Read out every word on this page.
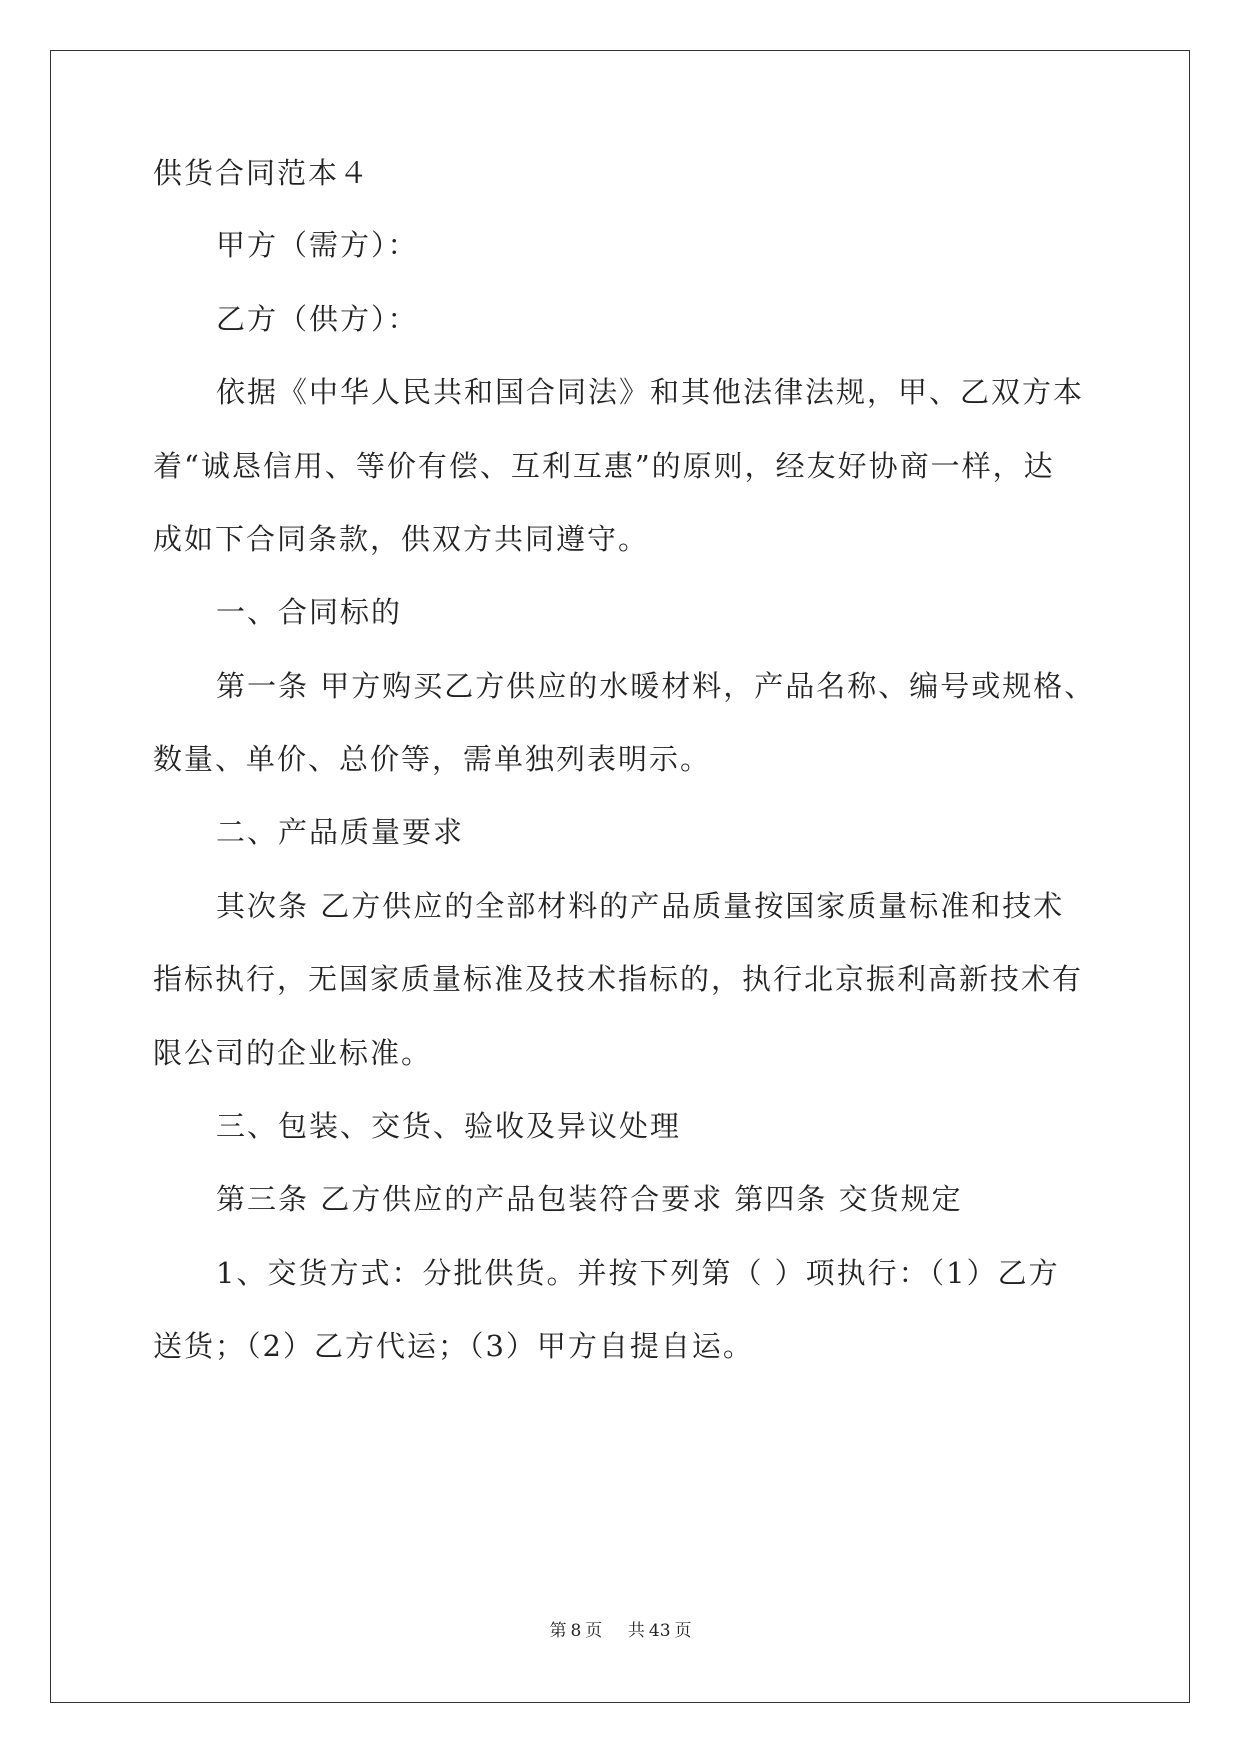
供货合同范本４
甲方（需方）：
乙方（供方）：
依据《中华人民共和国合同法》和其他法律法规，甲、乙双方本
着“诚恳信用、等价有偿、互利互惠”的原则，经友好协商一样，达
成如下合同条款，供双方共同遵守。
一、合同标的
第一条 甲方购买乙方供应的水暖材料，产品名称、编号或规格、
数量、单价、总价等，需单独列表明示。
二、产品质量要求
其次条 乙方供应的全部材料的产品质量按国家质量标准和技术
指标执行，无国家质量标准及技术指标的，执行北京振利高新技术有
限公司的企业标准。
三、包装、交货、验收及异议处理
第三条 乙方供应的产品包装符合要求 第四条 交货规定
1、交货方式：分批供货。并按下列第（ ）项执行：（1）乙方
送货；（2）乙方代运；（3）甲方自提自运。
第 8 页 共 43 页
